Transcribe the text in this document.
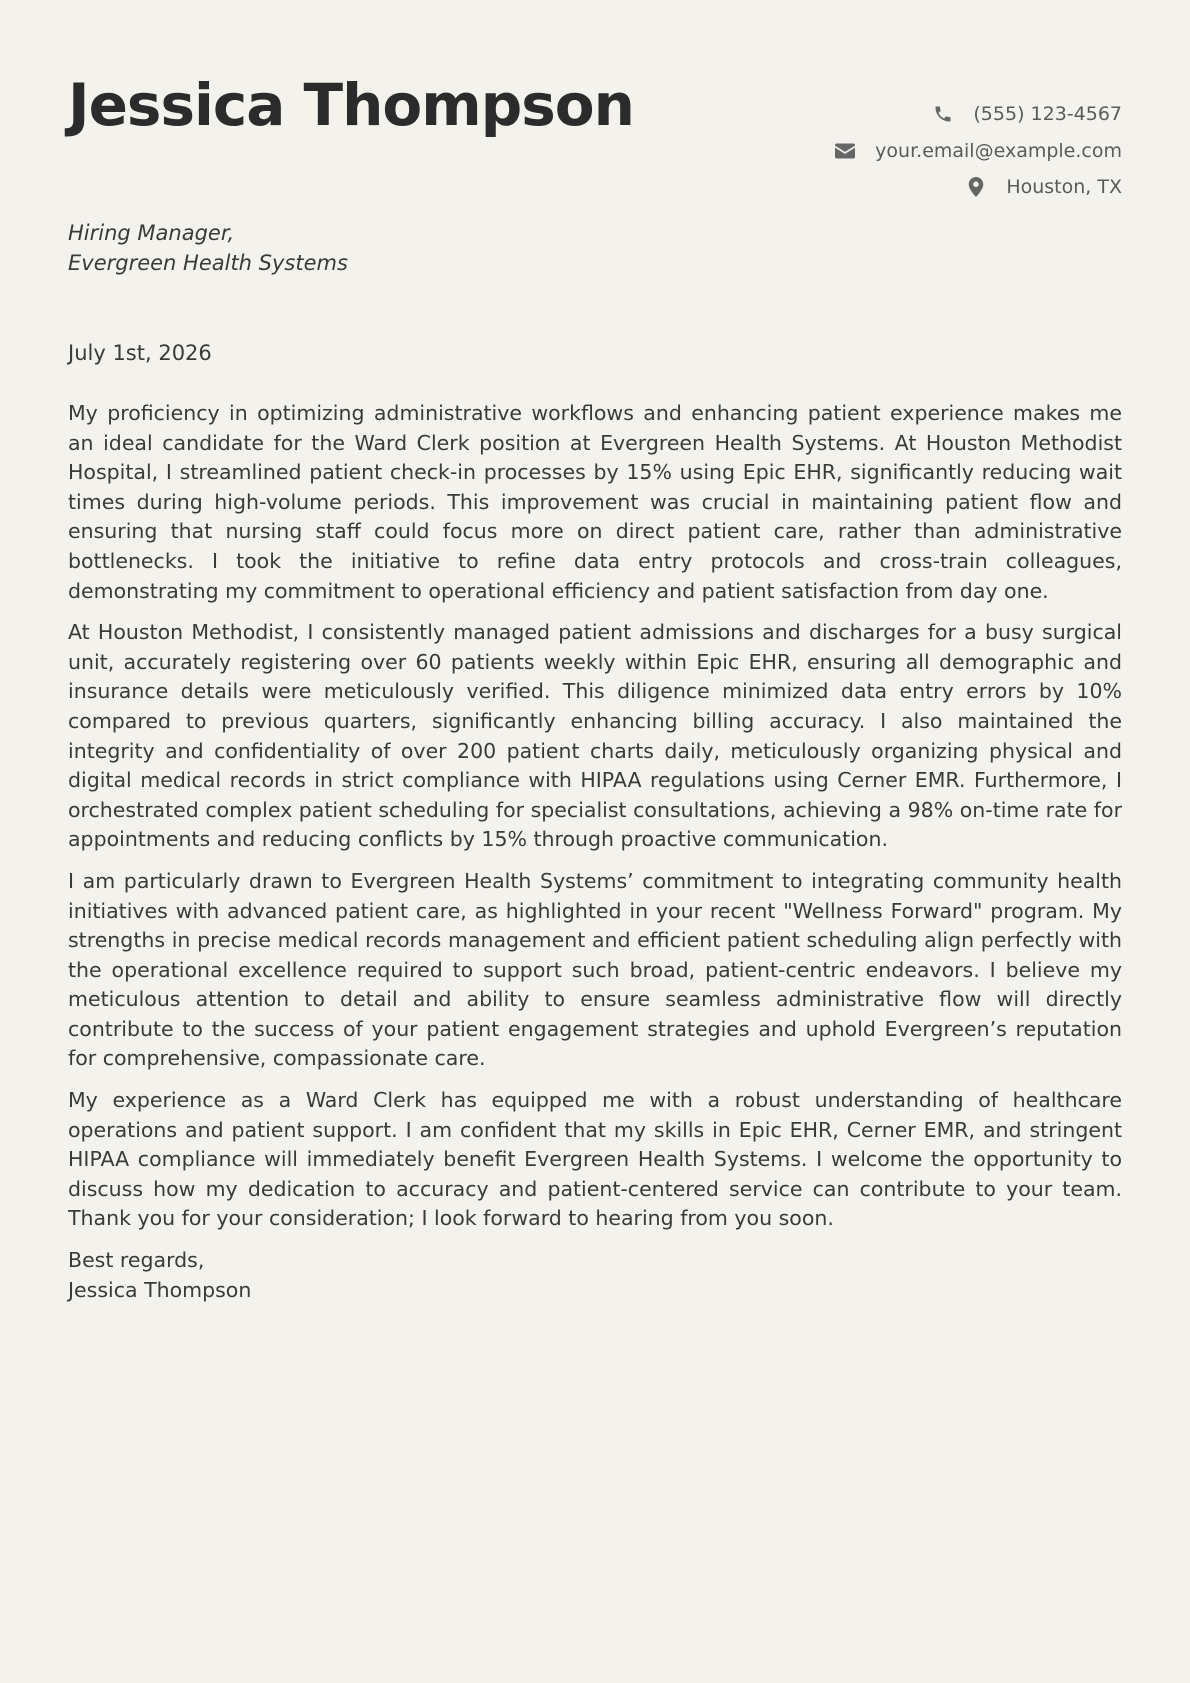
Jessica Thompson	(555) 123-4567
your.email@example.com
Houston, TX
Hiring Manager,
Evergreen Health Systems
July 1st, 2026

My proficiency in optimizing administrative workflows and enhancing patient experience makes me an ideal candidate for the Ward Clerk position at Evergreen Health Systems. At Houston Methodist Hospital, I streamlined patient check-in processes by 15% using Epic EHR, significantly reducing wait times during high-volume periods. This improvement was crucial in maintaining patient flow and ensuring that nursing staff could focus more on direct patient care, rather than administrative bottlenecks. I took the initiative to refine data entry protocols and cross-train colleagues, demonstrating my commitment to operational efficiency and patient satisfaction from day one.

At Houston Methodist, I consistently managed patient admissions and discharges for a busy surgical unit, accurately registering over 60 patients weekly within Epic EHR, ensuring all demographic and insurance details were meticulously verified. This diligence minimized data entry errors by 10% compared to previous quarters, significantly enhancing billing accuracy. I also maintained the integrity and confidentiality of over 200 patient charts daily, meticulously organizing physical and digital medical records in strict compliance with HIPAA regulations using Cerner EMR. Furthermore, I orchestrated complex patient scheduling for specialist consultations, achieving a 98% on-time rate for appointments and reducing conflicts by 15% through proactive communication.

I am particularly drawn to Evergreen Health Systems’ commitment to integrating community health initiatives with advanced patient care, as highlighted in your recent "Wellness Forward" program. My strengths in precise medical records management and efficient patient scheduling align perfectly with the operational excellence required to support such broad, patient-centric endeavors. I believe my meticulous attention to detail and ability to ensure seamless administrative flow will directly contribute to the success of your patient engagement strategies and uphold Evergreen’s reputation for comprehensive, compassionate care.

My experience as a Ward Clerk has equipped me with a robust understanding of healthcare operations and patient support. I am confident that my skills in Epic EHR, Cerner EMR, and stringent HIPAA compliance will immediately benefit Evergreen Health Systems. I welcome the opportunity to discuss how my dedication to accuracy and patient-centered service can contribute to your team. Thank you for your consideration; I look forward to hearing from you soon.

Best regards,
Jessica Thompson
